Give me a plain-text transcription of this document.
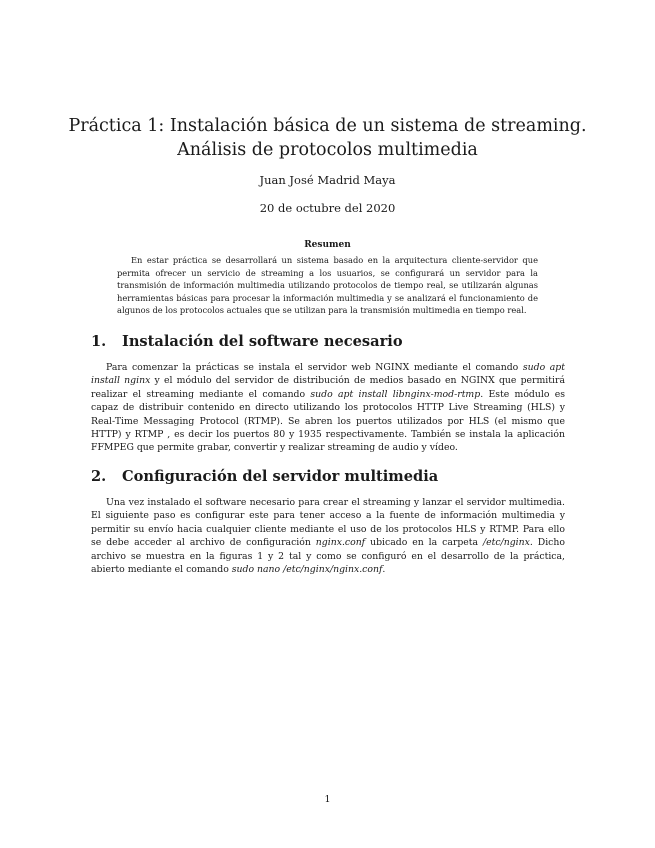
Práctica 1: Instalación básica de un sistema de streaming.
Análisis de protocolos multimedia

Juan José Madrid Maya

20 de octubre del 2020

Resumen

En estar práctica se desarrollará un sistema basado en la arquitectura cliente-servidor que permita ofrecer un servicio de streaming a los usuarios, se configurará un servidor para la transmisión de información multimedia utilizando protocolos de tiempo real, se utilizarán algunas herramientas básicas para procesar la información multimedia y se analizará el funcionamiento de algunos de los protocolos actuales que se utilizan para la transmisión multimedia en tiempo real.

1.	Instalación del software necesario

Para comenzar la prácticas se instala el servidor web NGINX mediante el comando sudo apt install nginx y el módulo del servidor de distribución de medios basado en NGINX que permitirá realizar el streaming mediante el comando sudo apt install libnginx-mod-rtmp. Este módulo es capaz de distribuir contenido en directo utilizando los protocolos HTTP Live Streaming (HLS) y Real-Time Messaging Protocol (RTMP). Se abren los puertos utilizados por HLS (el mismo que HTTP) y RTMP , es decir los puertos 80 y 1935 respectivamente. También se instala la aplicación FFMPEG que permite grabar, convertir y realizar streaming de audio y vídeo.

2.	Configuración del servidor multimedia

Una vez instalado el software necesario para crear el streaming y lanzar el servidor multimedia. El siguiente paso es configurar este para tener acceso a la fuente de información multimedia y permitir su envío hacia cualquier cliente mediante el uso de los protocolos HLS y RTMP. Para ello se debe acceder al archivo de configuración nginx.conf ubicado en la carpeta /etc/nginx. Dicho archivo se muestra en la figuras 1 y 2 tal y como se configuró en el desarrollo de la práctica, abierto mediante el comando sudo nano /etc/nginx/nginx.conf.

1
